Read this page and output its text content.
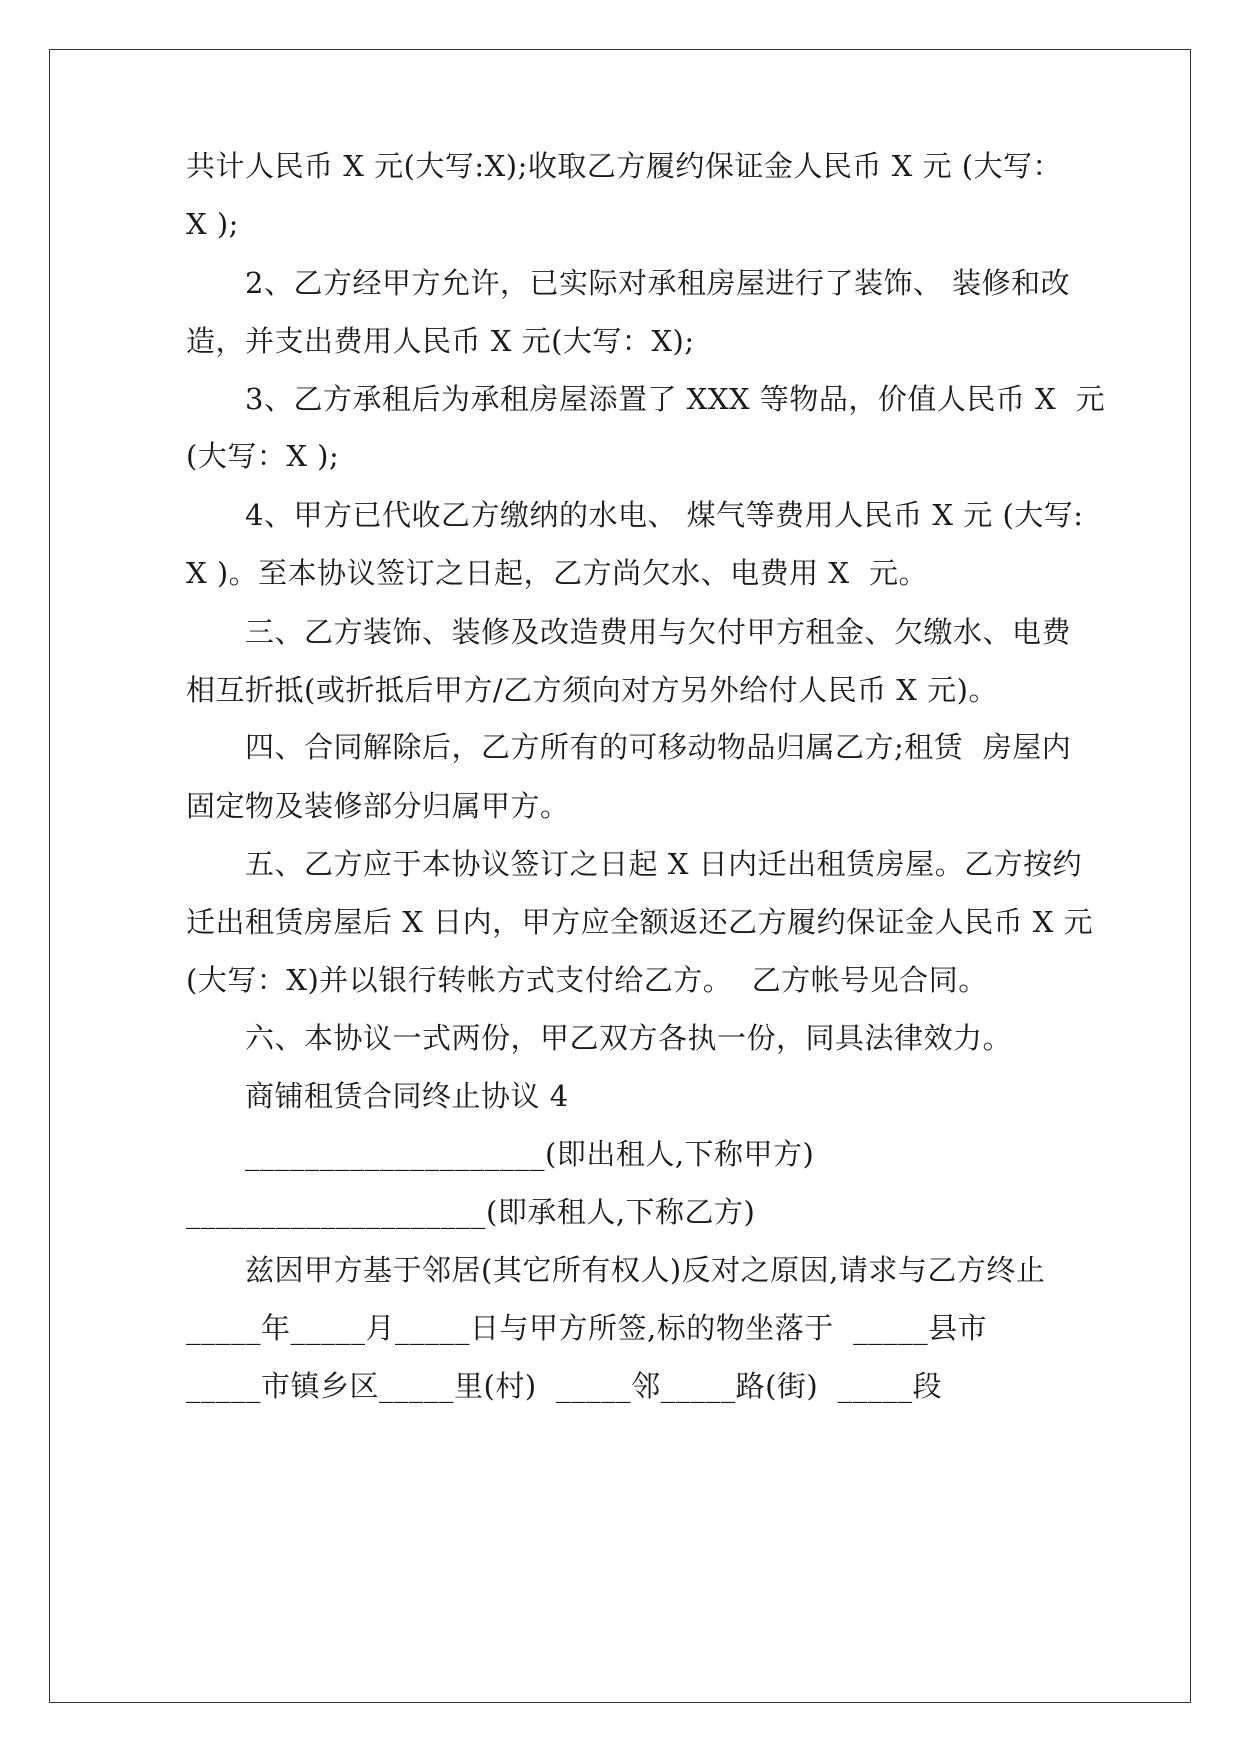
共计人民币 X 元(大写:X);收取乙方履约保证金人民币 X 元 (大写：
X );
2、乙方经甲方允许，已实际对承租房屋进行了装饰、 装修和改
造，并支出费用人民币 X 元(大写：X);
3、乙方承租后为承租房屋添置了 XXX 等物品，价值人民币 X  元
(大写：X );
4、甲方已代收乙方缴纳的水电、 煤气等费用人民币 X 元 (大写:
X )。至本协议签订之日起，乙方尚欠水、电费用 X  元。
三、乙方装饰、装修及改造费用与欠付甲方租金、欠缴水、电费
相互折抵(或折抵后甲方/乙方须向对方另外给付人民币 X 元)。
四、合同解除后，乙方所有的可移动物品归属乙方;租赁  房屋内
固定物及装修部分归属甲方。
五、乙方应于本协议签订之日起 X 日内迁出租赁房屋。乙方按约
迁出租赁房屋后 X 日内，甲方应全额返还乙方履约保证金人民币 X 元
(大写：X)并以银行转帐方式支付给乙方。  乙方帐号见合同。
六、本协议一式两份，甲乙双方各执一份，同具法律效力。
商铺租赁合同终止协议 4
____________________(即出租人,下称甲方)
____________________(即承租人,下称乙方)
兹因甲方基于邻居(其它所有权人)反对之原因,请求与乙方终止
_____年_____月_____日与甲方所签,标的物坐落于  _____县市
_____市镇乡区_____里(村)  _____邻_____路(街)  _____段
